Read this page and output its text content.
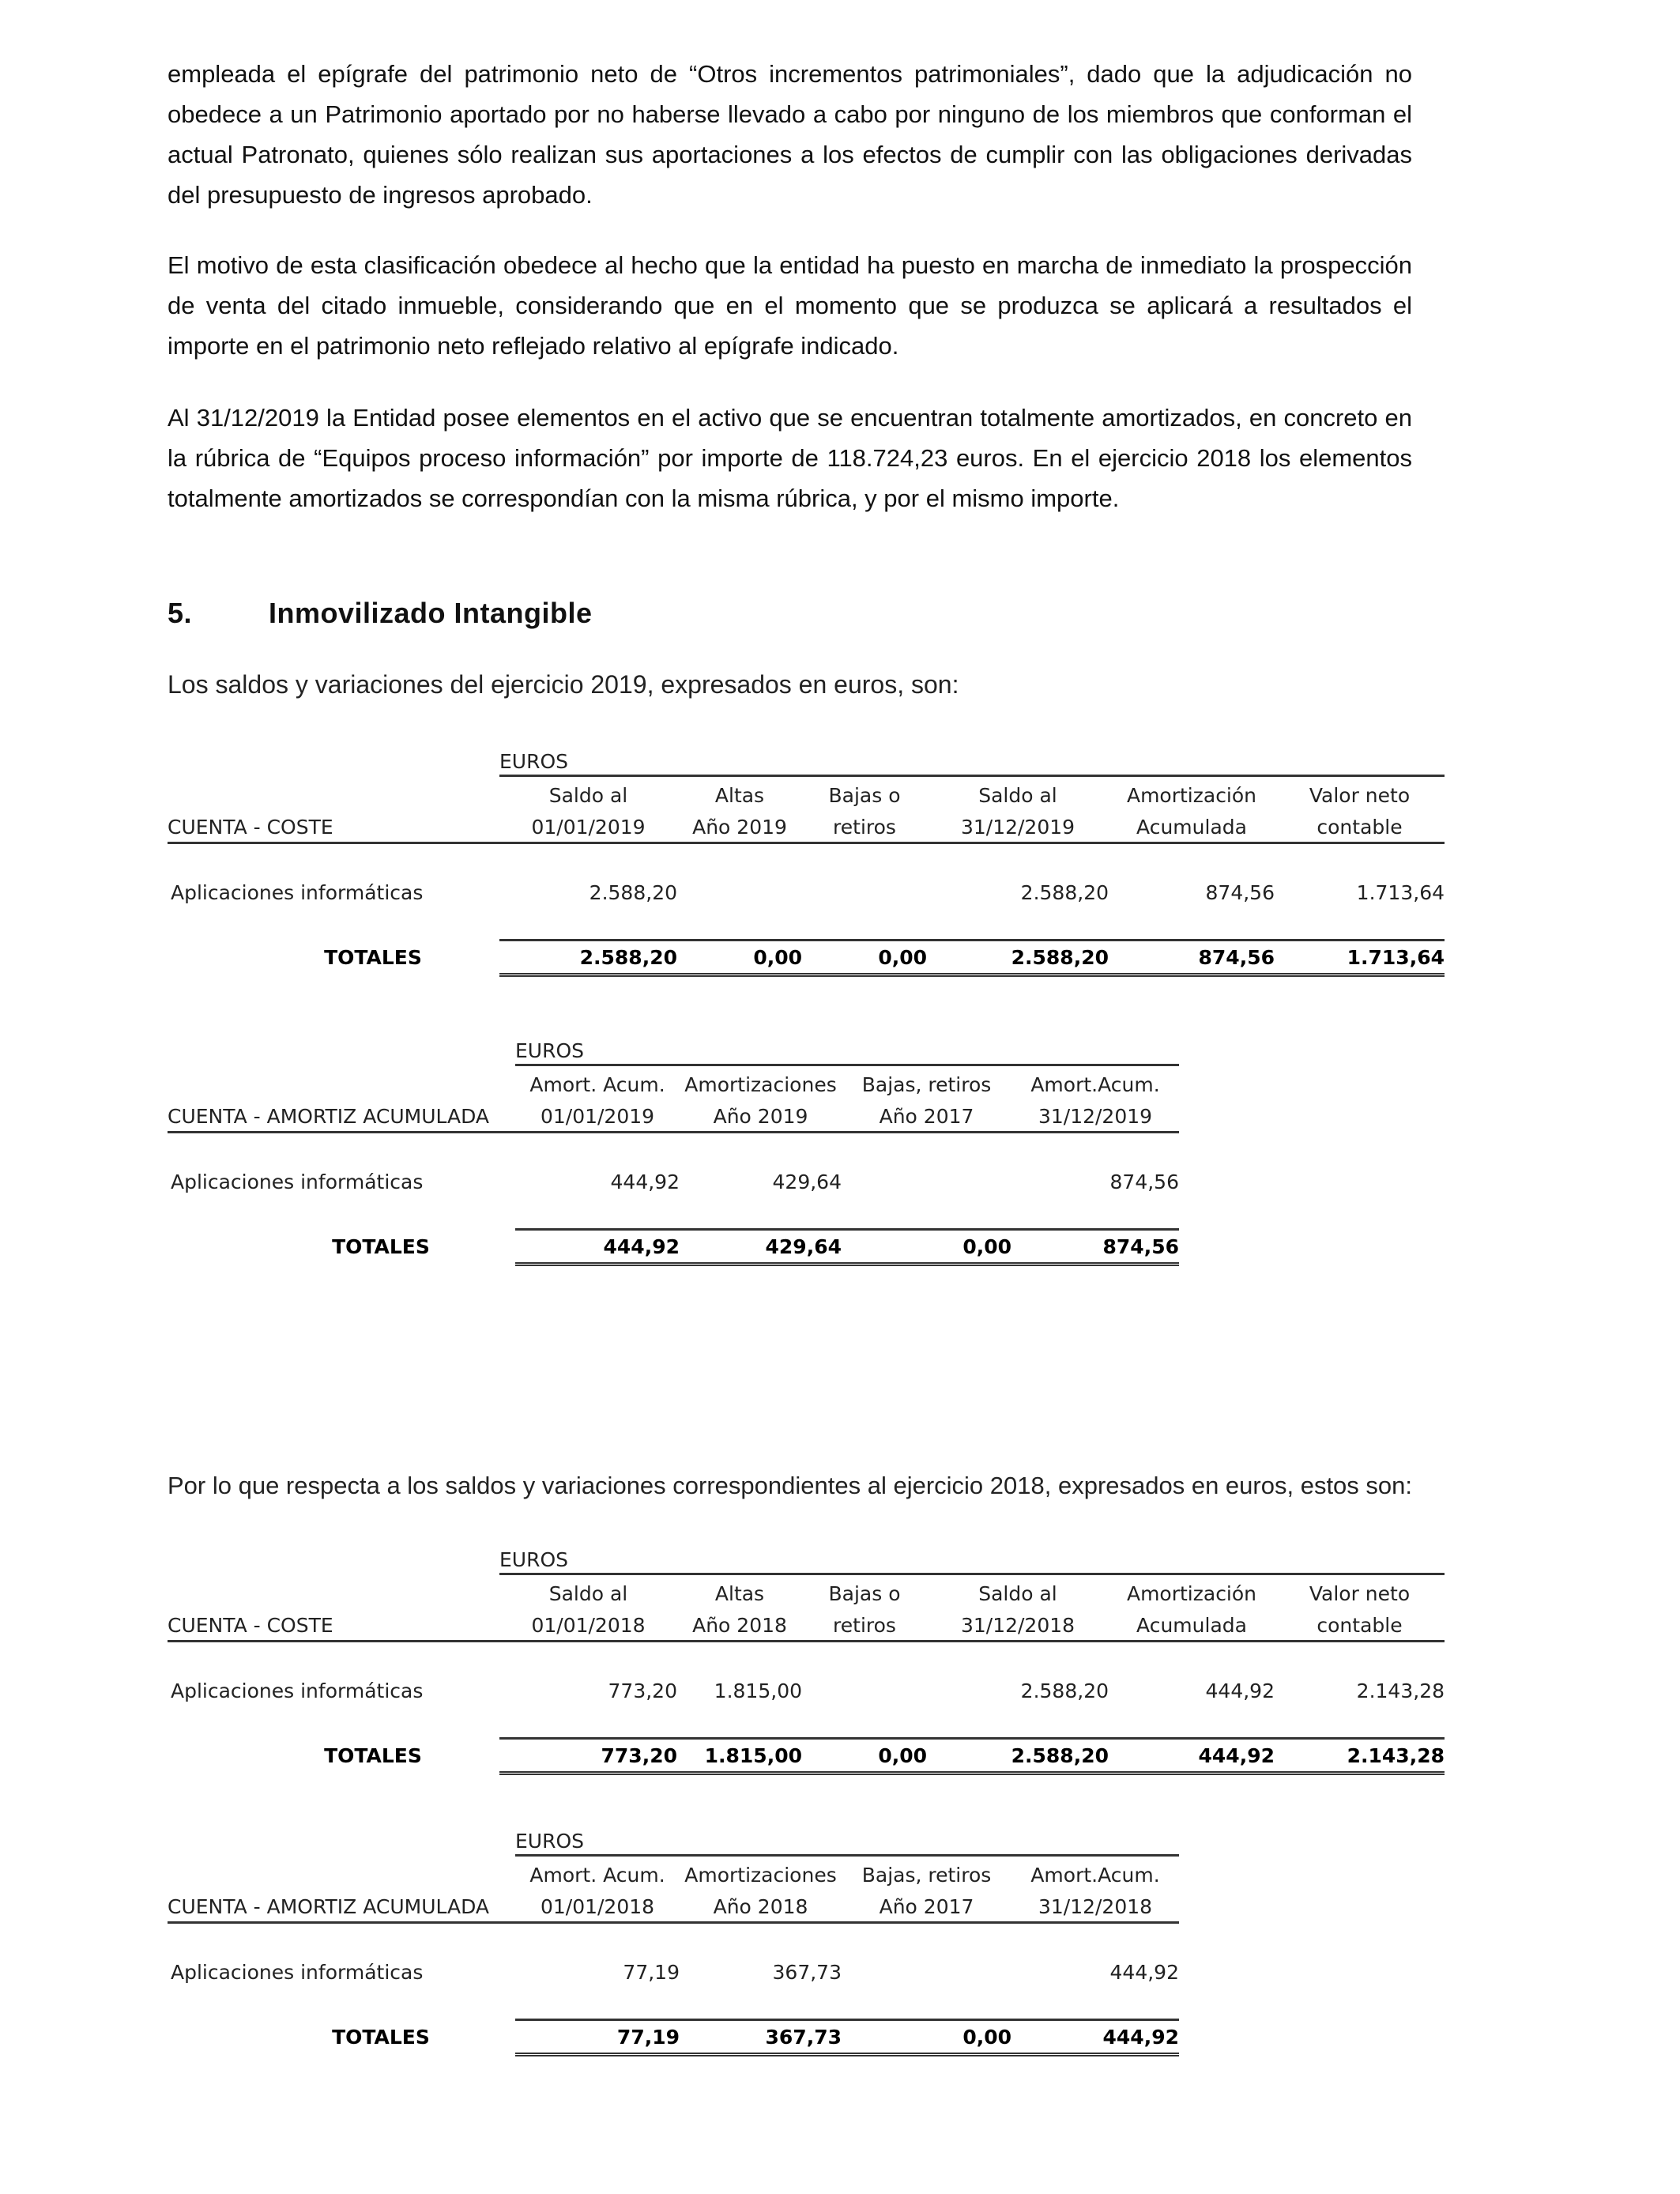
empleada el epígrafe del patrimonio neto de “Otros incrementos patrimoniales”, dado que la adjudicación no obedece a un Patrimonio aportado por no haberse llevado a cabo por ninguno de los miembros que conforman el actual Patronato, quienes sólo realizan sus aportaciones a los efectos de cumplir con las obligaciones derivadas del presupuesto de ingresos aprobado.

El motivo de esta clasificación obedece al hecho que la entidad ha puesto en marcha de inmediato la prospección de venta del citado inmueble, considerando que en el momento que se produzca se aplicará a resultados el importe en el patrimonio neto reflejado relativo al epígrafe indicado.

Al 31/12/2019 la Entidad posee elementos en el activo que se encuentran totalmente amortizados, en concreto en la rúbrica de “Equipos proceso información” por importe de 118.724,23 euros. En el ejercicio 2018 los elementos totalmente amortizados se correspondían con la misma rúbrica, y por el mismo importe.

5.	Inmovilizado Intangible

Los saldos y variaciones del ejercicio 2019, expresados en euros, son:

	EUROS					
	Saldo al	Altas	Bajas o	Saldo al	Amortización	Valor neto
CUENTA - COSTE	01/01/2019	Año 2019	retiros	31/12/2019	Acumulada	contable

Aplicaciones informáticas	2.588,20			2.588,20	874,56	1.713,64

TOTALES	2.588,20	0,00	0,00	2.588,20	874,56	1.713,64
	EUROS			
	Amort. Acum.	Amortizaciones	Bajas, retiros	Amort.Acum.
CUENTA - AMORTIZ ACUMULADA	01/01/2019	Año 2019	Año 2017	31/12/2019

Aplicaciones informáticas	444,92	429,64		874,56

TOTALES	444,92	429,64	0,00	874,56

Por lo que respecta a los saldos y variaciones correspondientes al ejercicio 2018, expresados en euros, estos son:

	EUROS					
	Saldo al	Altas	Bajas o	Saldo al	Amortización	Valor neto
CUENTA - COSTE	01/01/2018	Año 2018	retiros	31/12/2018	Acumulada	contable

Aplicaciones informáticas	773,20	1.815,00		2.588,20	444,92	2.143,28

TOTALES	773,20	1.815,00	0,00	2.588,20	444,92	2.143,28
	EUROS			
	Amort. Acum.	Amortizaciones	Bajas, retiros	Amort.Acum.
CUENTA - AMORTIZ ACUMULADA	01/01/2018	Año 2018	Año 2017	31/12/2018

Aplicaciones informáticas	77,19	367,73		444,92

TOTALES	77,19	367,73	0,00	444,92
